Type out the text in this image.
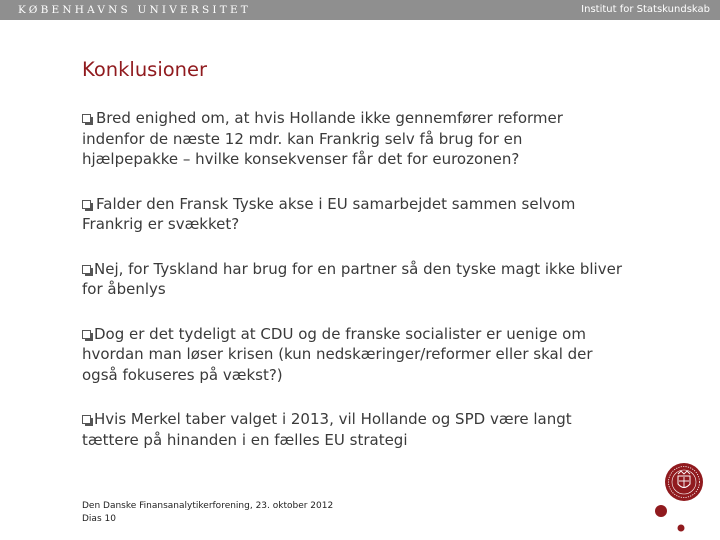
KØBENHAVNS UNIVERSITET	Institut for Statskundskab
Konklusioner
Bred enighed om, at hvis Hollande ikke gennemfører reformer indenfor de næste 12 mdr. kan Frankrig selv få brug for en hjælpepakke – hvilke konsekvenser får det for eurozonen?
Falder den Fransk Tyske akse i EU samarbejdet sammen selvom Frankrig er svækket?
Nej, for Tyskland har brug for en partner så den tyske magt ikke bliver for åbenlys
Dog er det tydeligt at CDU og de franske socialister er uenige om hvordan man løser krisen (kun nedskæringer/reformer eller skal der også fokuseres på vækst?)
Hvis Merkel taber valget i 2013, vil Hollande og SPD være langt tættere på hinanden i en fælles EU strategi
Den Danske Finansanalytikerforening, 23. oktober 2012
Dias 10
